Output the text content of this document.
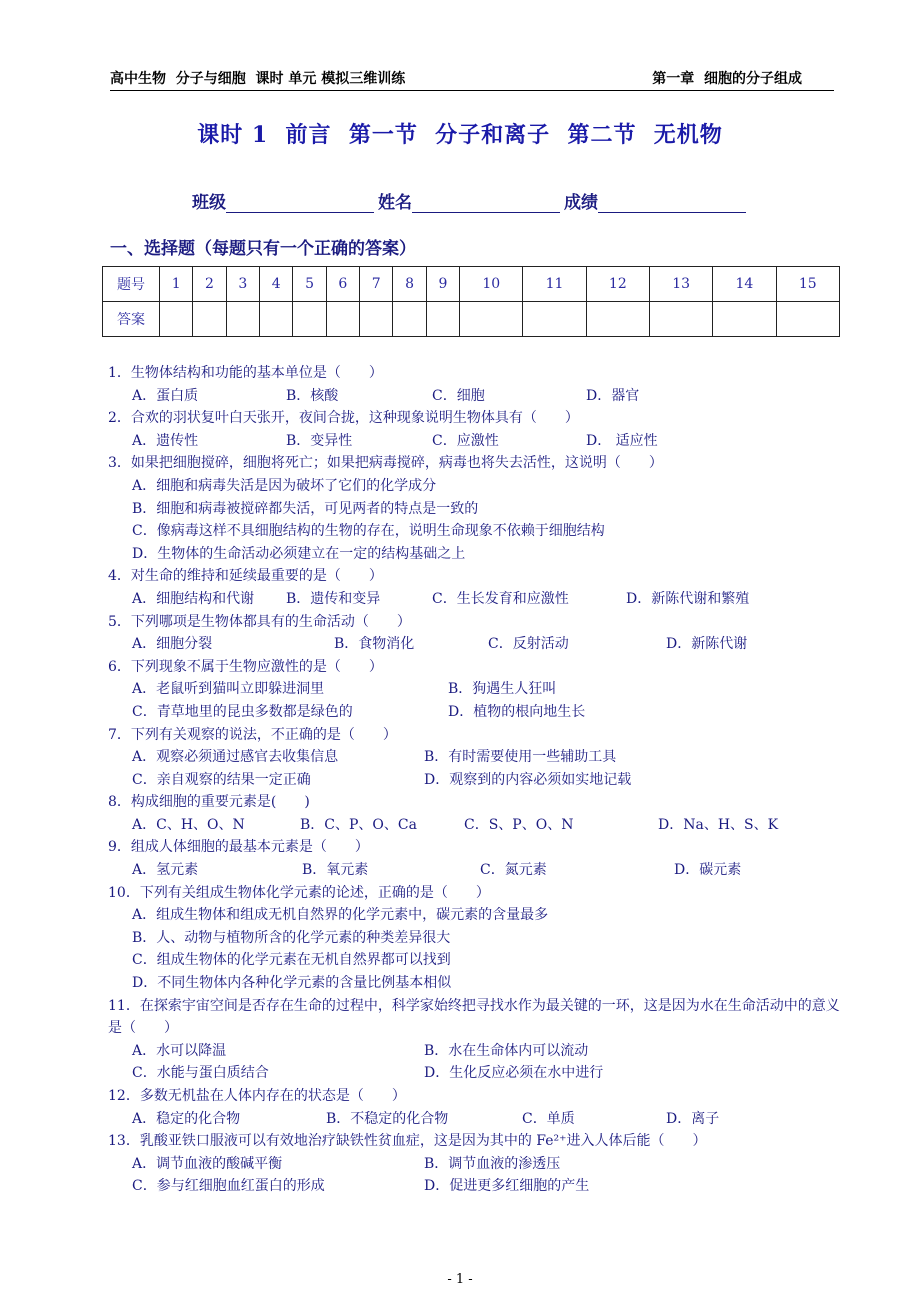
高中生物  分子与细胞  课时 单元 模拟三维训练	第一章  细胞的分子组成
课时 1  前言  第一节  分子和离子  第二节  无机物
班级	姓名	成绩
一、选择题（每题只有一个正确的答案）
题号	1	2	3	4	5	6	7	8	9	10	11	12	13	14	15
答案															
1．生物体结构和功能的基本单位是（　　）
A．蛋白质	B．核酸	C．细胞	D．器官
2．合欢的羽状复叶白天张开，夜间合拢，这种现象说明生物体具有（　　）
A．遗传性	B．变异性	C．应激性	D． 适应性
3．如果把细胞搅碎，细胞将死亡；如果把病毒搅碎，病毒也将失去活性，这说明（　　）
A．细胞和病毒失活是因为破坏了它们的化学成分
B．细胞和病毒被搅碎都失活，可见两者的特点是一致的
C．像病毒这样不具细胞结构的生物的存在，说明生命现象不依赖于细胞结构
D．生物体的生命活动必须建立在一定的结构基础之上
4．对生命的维持和延续最重要的是（　　）
A．细胞结构和代谢 B．遗传和变异	C．生长发育和应激性	D．新陈代谢和繁殖
5．下列哪项是生物体都具有的生命活动（　　）
A．细胞分裂	B．食物消化	C．反射活动	D．新陈代谢
6．下列现象不属于生物应激性的是（　　）
A．老鼠听到猫叫立即躲进洞里	B．狗遇生人狂叫
C．青草地里的昆虫多数都是绿色的	D．植物的根向地生长
7．下列有关观察的说法，不正确的是（　　）
A．观察必须通过感官去收集信息	B．有时需要使用一些辅助工具
C．亲自观察的结果一定正确	D．观察到的内容必须如实地记载
8．构成细胞的重要元素是(　　)
A．C、H、O、N	B．C、P、O、Ca	C．S、P、O、N	D．Na、H、S、K
9．组成人体细胞的最基本元素是（　　）
A．氢元素	B．氧元素	C．氮元素	D．碳元素
10．下列有关组成生物体化学元素的论述，正确的是（　　）
A．组成生物体和组成无机自然界的化学元素中，碳元素的含量最多
B．人、动物与植物所含的化学元素的种类差异很大
C．组成生物体的化学元素在无机自然界都可以找到
D．不同生物体内各种化学元素的含量比例基本相似
11．在探索宇宙空间是否存在生命的过程中，科学家始终把寻找水作为最关键的一环，这是因为水在生命活动中的意义是（　　）
A．水可以降温	B．水在生命体内可以流动
C．水能与蛋白质结合	D．生化反应必须在水中进行
12．多数无机盐在人体内存在的状态是（　　）
A．稳定的化合物	B．不稳定的化合物	C．单质	D．离子
13．乳酸亚铁口服液可以有效地治疗缺铁性贫血症，这是因为其中的 Fe²⁺进入人体后能（　　）
A．调节血液的酸碱平衡	B．调节血液的渗透压
C．参与红细胞血红蛋白的形成	D．促进更多红细胞的产生
- 1 -
